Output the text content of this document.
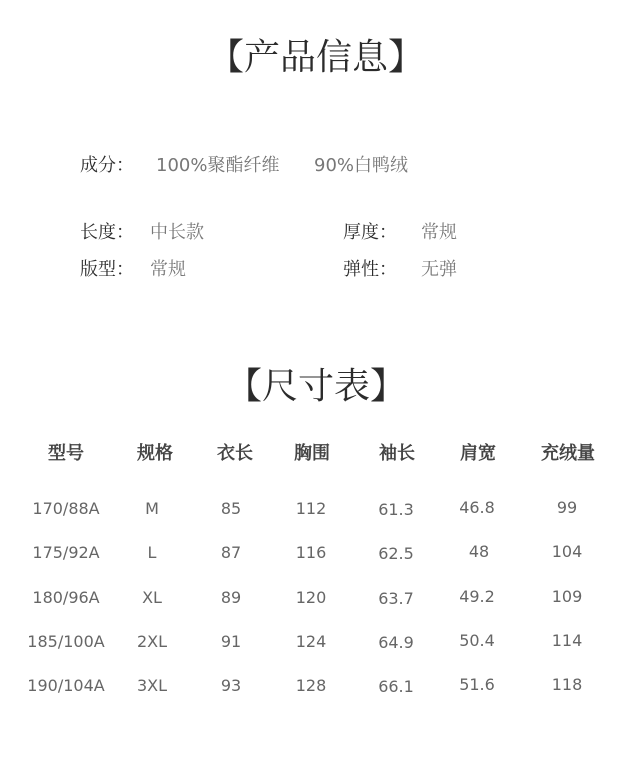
【产品信息】
成分： 100%聚酯纤维 90%白鸭绒
长度： 中长款	厚度： 常规
版型： 常规	弹性： 无弹
【尺寸表】
型号	规格 衣长 胸围	袖长	肩宽	充绒量
170/88A	M	85	112	61.3	46.8	99
175/92A	L	87	116	62.5	48	104
180/96A	XL	89	120	63.7	49.2	109
185/100A 2XL	91	124	64.9	50.4	114
190/104A 3XL	93	128	66.1	51.6	118
